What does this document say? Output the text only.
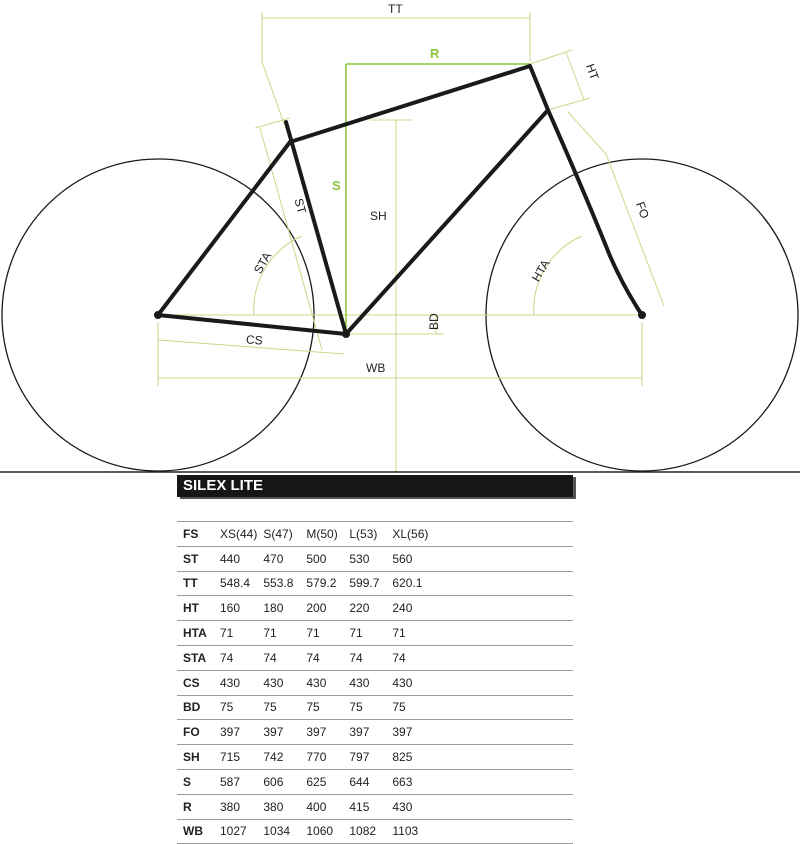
TT
R
S
SH
HT
FO
ST
STA	HTA
BD
CS
WB
SILEX LITE
FS	XS(44)	S(47)	M(50)	L(53)	XL(56)	
ST	440	470	500	530	560	
TT	548.4	553.8	579.2	599.7	620.1	
HT	160	180	200	220	240	
HTA	71	71	71	71	71	
STA	74	74	74	74	74	
CS	430	430	430	430	430	
BD	75	75	75	75	75	
FO	397	397	397	397	397	
SH	715	742	770	797	825	
S	587	606	625	644	663	
R	380	380	400	415	430	
WB	1027	1034	1060	1082	1103	
